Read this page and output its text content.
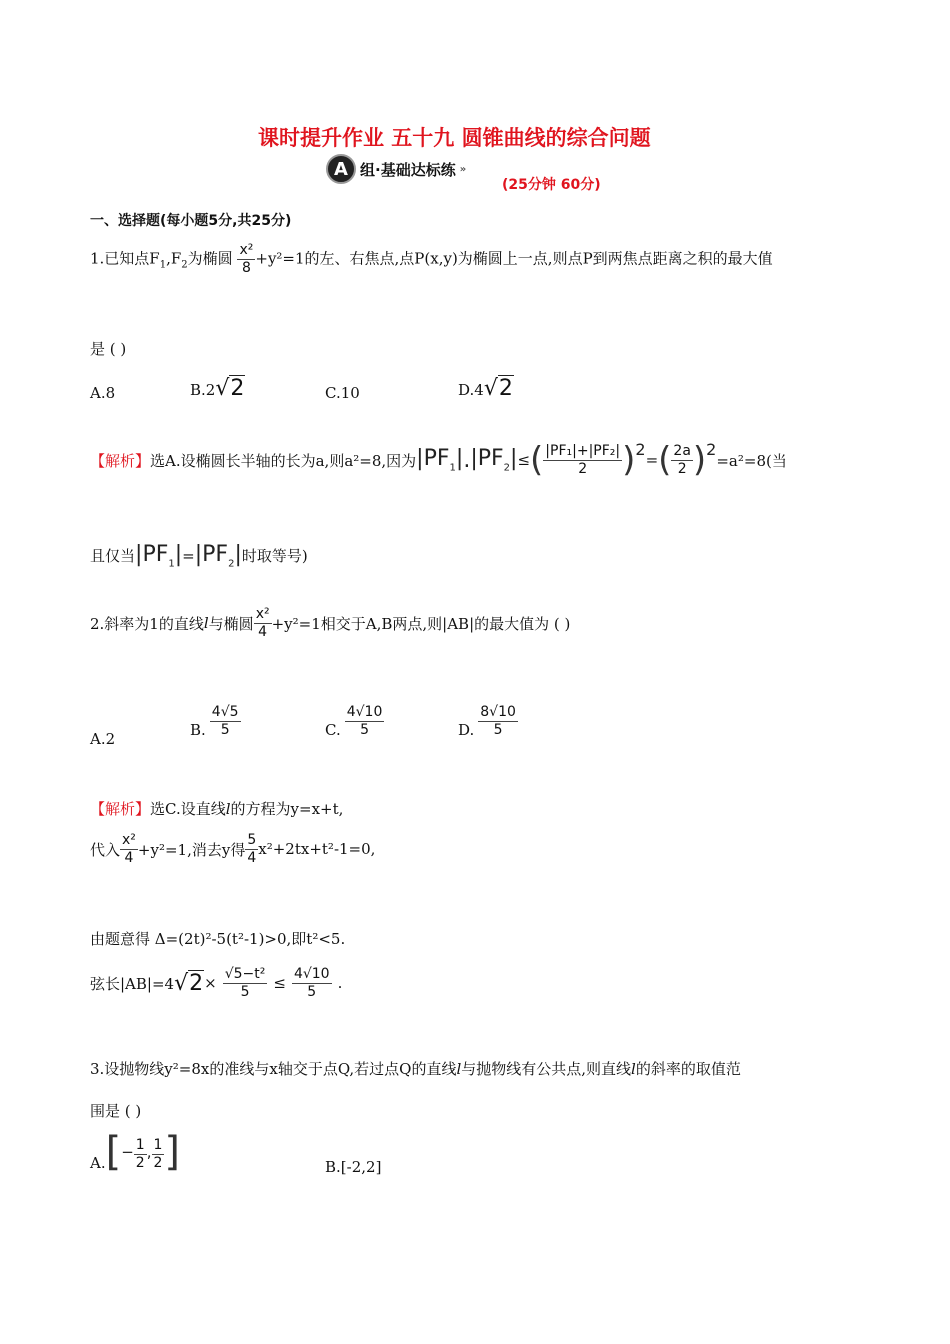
课时提升作业 五十九 圆锥曲线的综合问题
A 组·基础达标练 »
(25分钟 60分)
一、选择题(每小题5分,共25分)
1.已知点$F_1,F_2$为椭圆 $\frac{\text{x²}}{8} +y^2=1$的左、右焦点,点P(x,y)为椭圆上一点,则点P到两焦点距离之积的最大值
是 ( )
A.8	B.2√2	C.10	D.4√2
【解析】 选A.设椭圆长半轴的长为a,则a²=8,因为 $|PF_1|$ . $|PF_2|$ ≤ ( $\frac{\text{|PF₁|+|PF₂|}}{2}$ ) 2
= ( $\frac{2a}{2}$ ) 2
=a²=8(当
且仅当 $|PF_1| = |PF_2|$ 时取等号)
2.斜率为1的直线 l 与椭圆 $\frac{\text{x²}}{4} +y^2=1$相交于A,B两点,则|AB|的最大值为 ( )
A.2
B. $\frac{4√5}{5}$	C. $\frac{4√10}{5}$	D. $\frac{8√10}{5}$
【解析】选C.设直线l的方程为y=x+t,
代入 $\frac{\text{x²}}{4} +y^2=1$,消去y得 $\frac{5}{4} x^2+2tx+t^2-1=0$,
由题意得 Δ=(2t)²-5(t²-1)>0,即t²<5.
弦长|AB|=4 $√2 \times \frac{\text{√5−t²}}{5} \le \frac{4√10}{5}$ .
3.设抛物线y²=8x的准线与x轴交于点Q,若过点Q的直线l与抛物线有公共点,则直线l的斜率的取值范
围是 ( )
A. [ − $\frac{1}{2}$ , $\frac{1}{2}$ ]	B.[-2,2]
